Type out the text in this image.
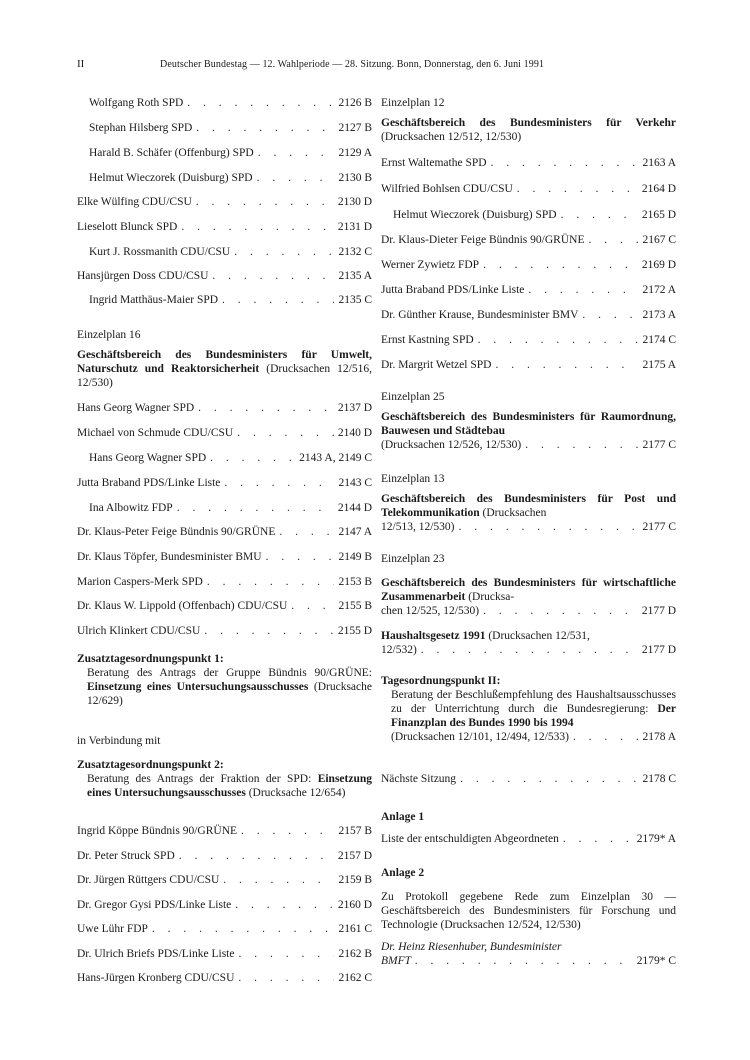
II	Deutscher Bundestag — 12. Wahlperiode — 28. Sitzung. Bonn, Donnerstag, den 6. Juni 1991
Wolfgang Roth SPD . . .	2126 B
Stephan Hilsberg SPD . . .	2127 B
Harald B. Schäfer (Offenburg) SPD . . .	2129 A
Helmut Wieczorek (Duisburg) SPD . . .	2130 B
Elke Wülfing CDU/CSU . . .	2130 D
Lieselott Blunck SPD . . .	2131 D
Kurt J. Rossmanith CDU/CSU . . .	2132 C
Hansjürgen Doss CDU/CSU . . .	2135 A
Ingrid Matthäus-Maier SPD . . .	2135 C
Einzelplan 16
Geschäftsbereich des Bundesministers für Umwelt, Naturschutz und Reaktorsicherheit (Drucksachen 12/516, 12/530)
Hans Georg Wagner SPD . . .	2137 D
Michael von Schmude CDU/CSU . . .	2140 D
Hans Georg Wagner SPD . . .	2143 A, 2149 C
Jutta Braband PDS/Linke Liste . . .	2143 C
Ina Albowitz FDP . . .	2144 D
Dr. Klaus-Peter Feige Bündnis 90/GRÜNE . . .	2147 A
Dr. Klaus Töpfer, Bundesminister BMU . . .	2149 B
Marion Caspers-Merk SPD . . .	2153 B
Dr. Klaus W. Lippold (Offenbach) CDU/CSU . . .	2155 B
Ulrich Klinkert CDU/CSU . . .	2155 D
Zusatztagesordnungspunkt 1:
Beratung des Antrags der Gruppe Bündnis 90/GRÜNE: Einsetzung eines Untersuchungsausschusses (Drucksache 12/629)
in Verbindung mit
Zusatztagesordnungspunkt 2:
Beratung des Antrags der Fraktion der SPD: Einsetzung eines Untersuchungsausschusses (Drucksache 12/654)
Ingrid Köppe Bündnis 90/GRÜNE . . .	2157 B
Dr. Peter Struck SPD . . .	2157 D
Dr. Jürgen Rüttgers CDU/CSU . . .	2159 B
Dr. Gregor Gysi PDS/Linke Liste . . .	2160 D
Uwe Lühr FDP . . .	2161 C
Dr. Ulrich Briefs PDS/Linke Liste . . .	2162 B
Hans-Jürgen Kronberg CDU/CSU . . .	2162 C
Einzelplan 12
Geschäftsbereich des Bundesministers für Verkehr (Drucksachen 12/512, 12/530)
Ernst Waltemathe SPD . . .	2163 A
Wilfried Bohlsen CDU/CSU . . .	2164 D
Helmut Wieczorek (Duisburg) SPD . . .	2165 D
Dr. Klaus-Dieter Feige Bündnis 90/GRÜNE . . .	2167 C
Werner Zywietz FDP . . .	2169 D
Jutta Braband PDS/Linke Liste . . .	2172 A
Dr. Günther Krause, Bundesminister BMV . . .	2173 A
Ernst Kastning SPD . . .	2174 C
Dr. Margrit Wetzel SPD . . .	2175 A
Einzelplan 25
Geschäftsbereich des Bundesministers für Raumordnung, Bauwesen und Städtebau
(Drucksachen 12/526, 12/530) . . .	2177 C
Einzelplan 13
Geschäftsbereich des Bundesministers für Post und Telekommunikation (Drucksachen
12/513, 12/530) . . .	2177 C
Einzelplan 23
Geschäftsbereich des Bundesministers für wirtschaftliche Zusammenarbeit (Drucksa-
chen 12/525, 12/530) . . .	2177 D
Haushaltsgesetz 1991 (Drucksachen 12/531,
12/532) . . .	2177 D
Tagesordnungspunkt II:
Beratung der Beschlußempfehlung des Haushaltsausschusses zu der Unterrichtung durch die Bundesregierung: Der Finanzplan des Bundes 1990 bis 1994
(Drucksachen 12/101, 12/494, 12/533) . . .	2178 A
Nächste Sitzung . . .	2178 C
Anlage 1
Liste der entschuldigten Abgeordneten . . .	2179* A
Anlage 2
Zu Protokoll gegebene Rede zum Einzelplan 30 — Geschäftsbereich des Bundesministers für Forschung und Technologie (Drucksachen 12/524, 12/530)
Dr. Heinz Riesenhuber, Bundesminister
BMFT . . .	2179* C
